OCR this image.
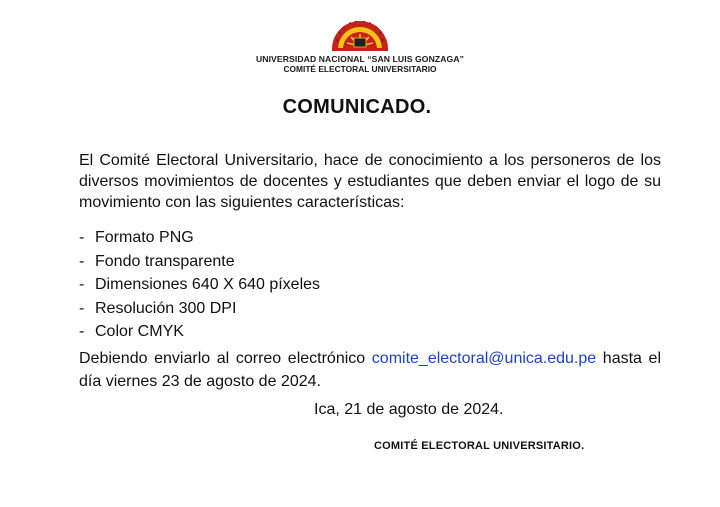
UNIVERSIDAD NACIONAL “SAN LUIS GONZAGA”
COMITÉ ELECTORAL UNIVERSITARIO
COMUNICADO.
El Comité Electoral Universitario, hace de conocimiento a los personeros de los diversos movimientos de docentes y estudiantes que deben enviar el logo de su movimiento con las siguientes características:
- Formato PNG
- Fondo transparente
- Dimensiones 640 X 640 píxeles
- Resolución 300 DPI
- Color CMYK
Debiendo enviarlo al correo electrónico comite_electoral@unica.edu.pe hasta el día viernes 23 de agosto de 2024.
Ica, 21 de agosto de 2024.
COMITÉ ELECTORAL UNIVERSITARIO.
